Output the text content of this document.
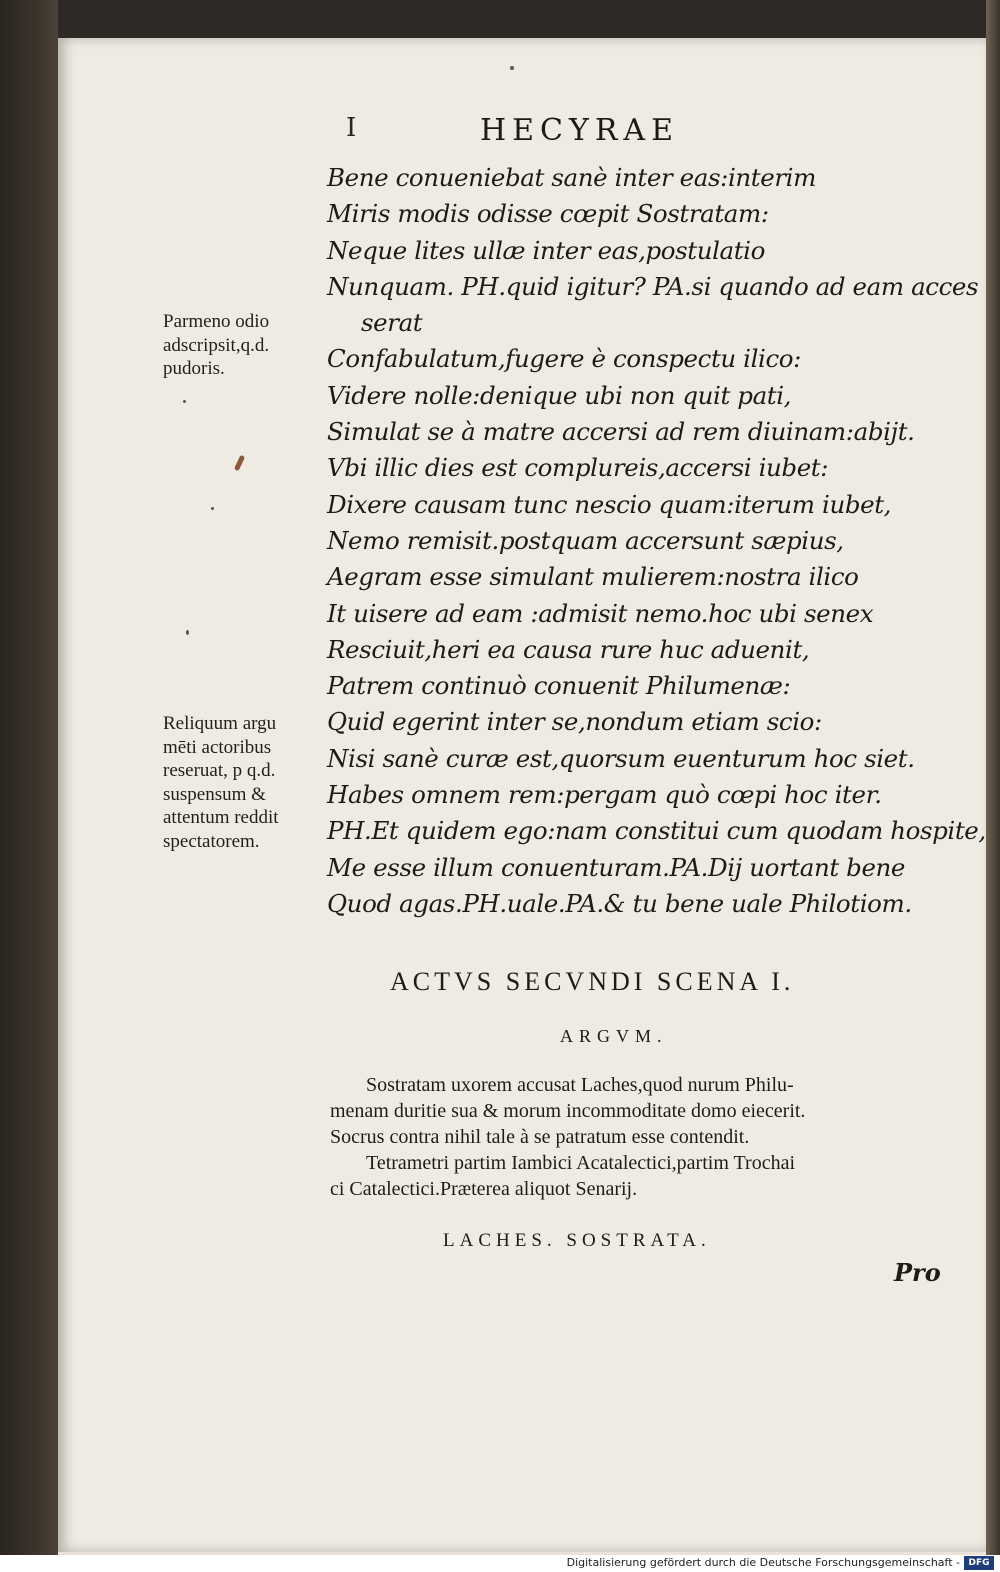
I	HECYRAE
Bene conueniebat sanè inter eas:interim
Miris modis odisse cœpit Sostratam:
Neque lites ullæ inter eas,postulatio
Nunquam. PH.quid igitur? PA.si quando ad eam acces
serat
Confabulatum,fugere è conspectu ilico:
Videre nolle:denique ubi non quit pati,
Simulat se à matre accersi ad rem diuinam:abijt.
Vbi illic dies est complureis,accersi iubet:
Dixere causam tunc nescio quam:iterum iubet,
Nemo remisit.postquam accersunt sæpius,
Aegram esse simulant mulierem:nostra ilico
It uisere ad eam :admisit nemo.hoc ubi senex
Resciuit,heri ea causa rure huc aduenit,
Patrem continuò conuenit Philumenæ:
Quid egerint inter se,nondum etiam scio:
Nisi sanè curæ est,quorsum euenturum hoc siet.
Habes omnem rem:pergam quò cœpi hoc iter.
PH.Et quidem ego:nam constitui cum quodam hospite,
Me esse illum conuenturam.PA.Dij uortant bene
Quod agas.PH.uale.PA.& tu bene uale Philotiom.
Parmeno odio
adscripsit,q.d.
pudoris.
Reliquum argu
mēti actoribus
reseruat, p q.d.
suspensum &
attentum reddit
spectatorem.
ACTVS SECVNDI SCENA I.
ARGVM.
Sostratam uxorem accusat Laches,quod nurum Philu-
menam duritie sua & morum incommoditate domo eiecerit.
Socrus contra nihil tale à se patratum esse contendit.
Tetrametri partim Iambici Acatalectici,partim Trochai
ci Catalectici.Præterea aliquot Senarij.
LACHES. SOSTRATA.
Pro
Digitalisierung gefördert durch die Deutsche Forschungsgemeinschaft - DFG
